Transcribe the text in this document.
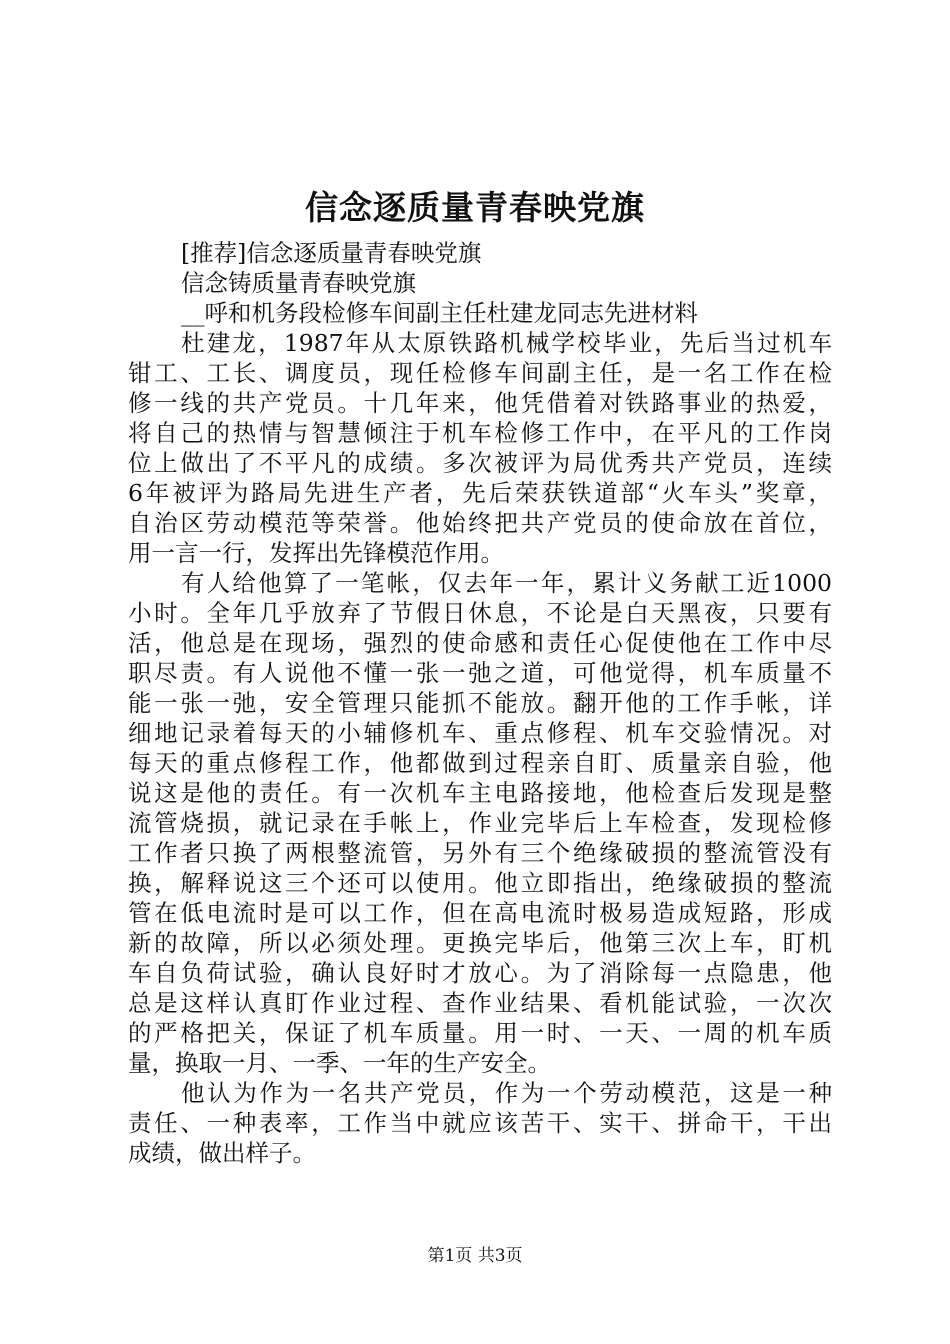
信念逐质量青春映党旗
[推荐]信念逐质量青春映党旗
信念铸质量青春映党旗
__呼和机务段检修车间副主任杜建龙同志先进材料
杜建龙，1987年从太原铁路机械学校毕业，先后当过机车
钳工、工长、调度员，现任检修车间副主任，是一名工作在检
修一线的共产党员。十几年来，他凭借着对铁路事业的热爱，
将自己的热情与智慧倾注于机车检修工作中，在平凡的工作岗
位上做出了不平凡的成绩。多次被评为局优秀共产党员，连续
6年被评为路局先进生产者，先后荣获铁道部“火车头”奖章，
自治区劳动模范等荣誉。他始终把共产党员的使命放在首位，
用一言一行，发挥出先锋模范作用。
有人给他算了一笔帐，仅去年一年，累计义务献工近1000
小时。全年几乎放弃了节假日休息，不论是白天黑夜，只要有
活，他总是在现场，强烈的使命感和责任心促使他在工作中尽
职尽责。有人说他不懂一张一弛之道，可他觉得，机车质量不
能一张一弛，安全管理只能抓不能放。翻开他的工作手帐，详
细地记录着每天的小辅修机车、重点修程、机车交验情况。对
每天的重点修程工作，他都做到过程亲自盯、质量亲自验，他
说这是他的责任。有一次机车主电路接地，他检查后发现是整
流管烧损，就记录在手帐上，作业完毕后上车检查，发现检修
工作者只换了两根整流管，另外有三个绝缘破损的整流管没有
换，解释说这三个还可以使用。他立即指出，绝缘破损的整流
管在低电流时是可以工作，但在高电流时极易造成短路，形成
新的故障，所以必须处理。更换完毕后，他第三次上车，盯机
车自负荷试验，确认良好时才放心。为了消除每一点隐患，他
总是这样认真盯作业过程、查作业结果、看机能试验，一次次
的严格把关，保证了机车质量。用一时、一天、一周的机车质
量，换取一月、一季、一年的生产安全。
他认为作为一名共产党员，作为一个劳动模范，这是一种
责任、一种表率，工作当中就应该苦干、实干、拼命干，干出
成绩，做出样子。
第1页 共3页
